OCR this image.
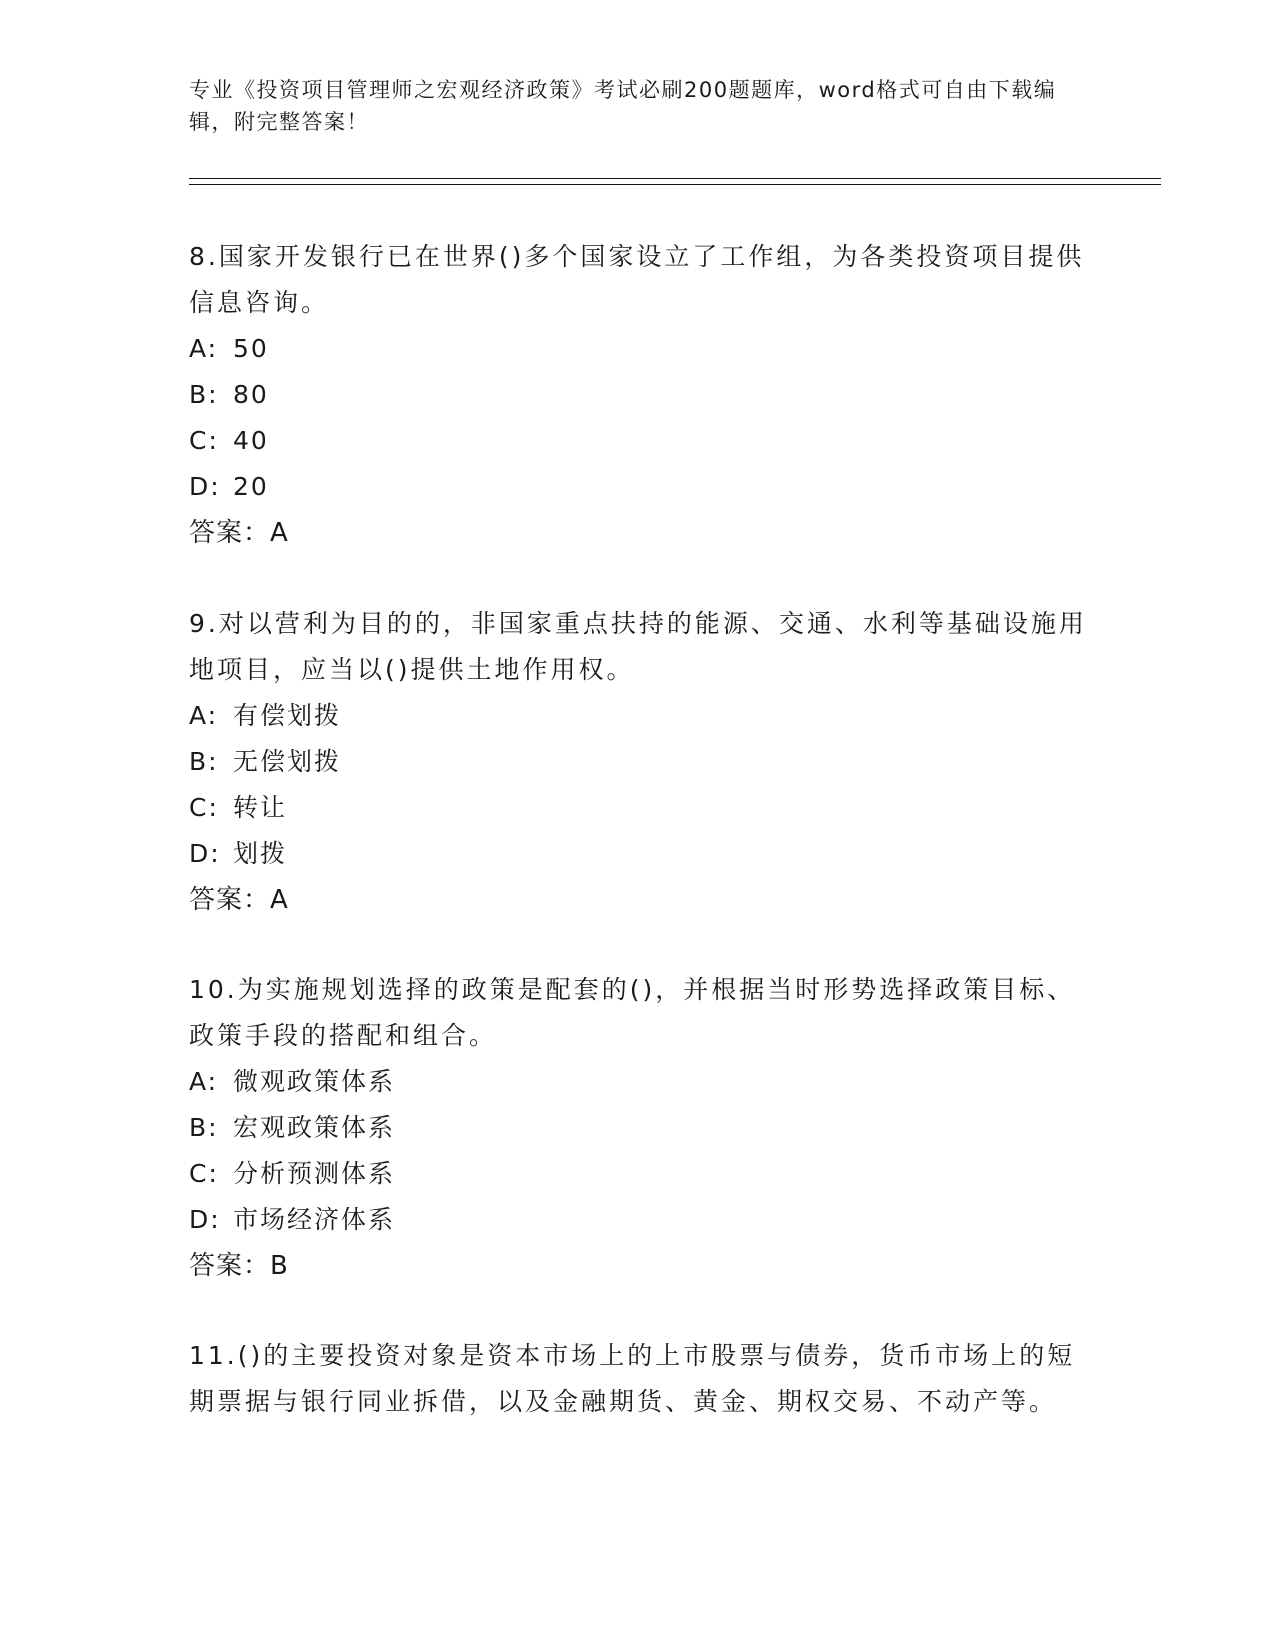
专业《投资项目管理师之宏观经济政策》考试必刷200题题库，word格式可自由下载编辑，附完整答案！

8.国家开发银行已在世界()多个国家设立了工作组，为各类投资项目提供信息咨询。

A: 50

B: 80

C: 40

D: 20

答案：A

9.对以营利为目的的，非国家重点扶持的能源、交通、水利等基础设施用地项目，应当以()提供土地作用权。

A: 有偿划拨

B: 无偿划拨

C: 转让

D: 划拨

答案：A

10.为实施规划选择的政策是配套的()，并根据当时形势选择政策目标、政策手段的搭配和组合。

A: 微观政策体系

B: 宏观政策体系

C: 分析预测体系

D: 市场经济体系

答案：B

11.()的主要投资对象是资本市场上的上市股票与债券，货币市场上的短期票据与银行同业拆借，以及金融期货、黄金、期权交易、不动产等。
